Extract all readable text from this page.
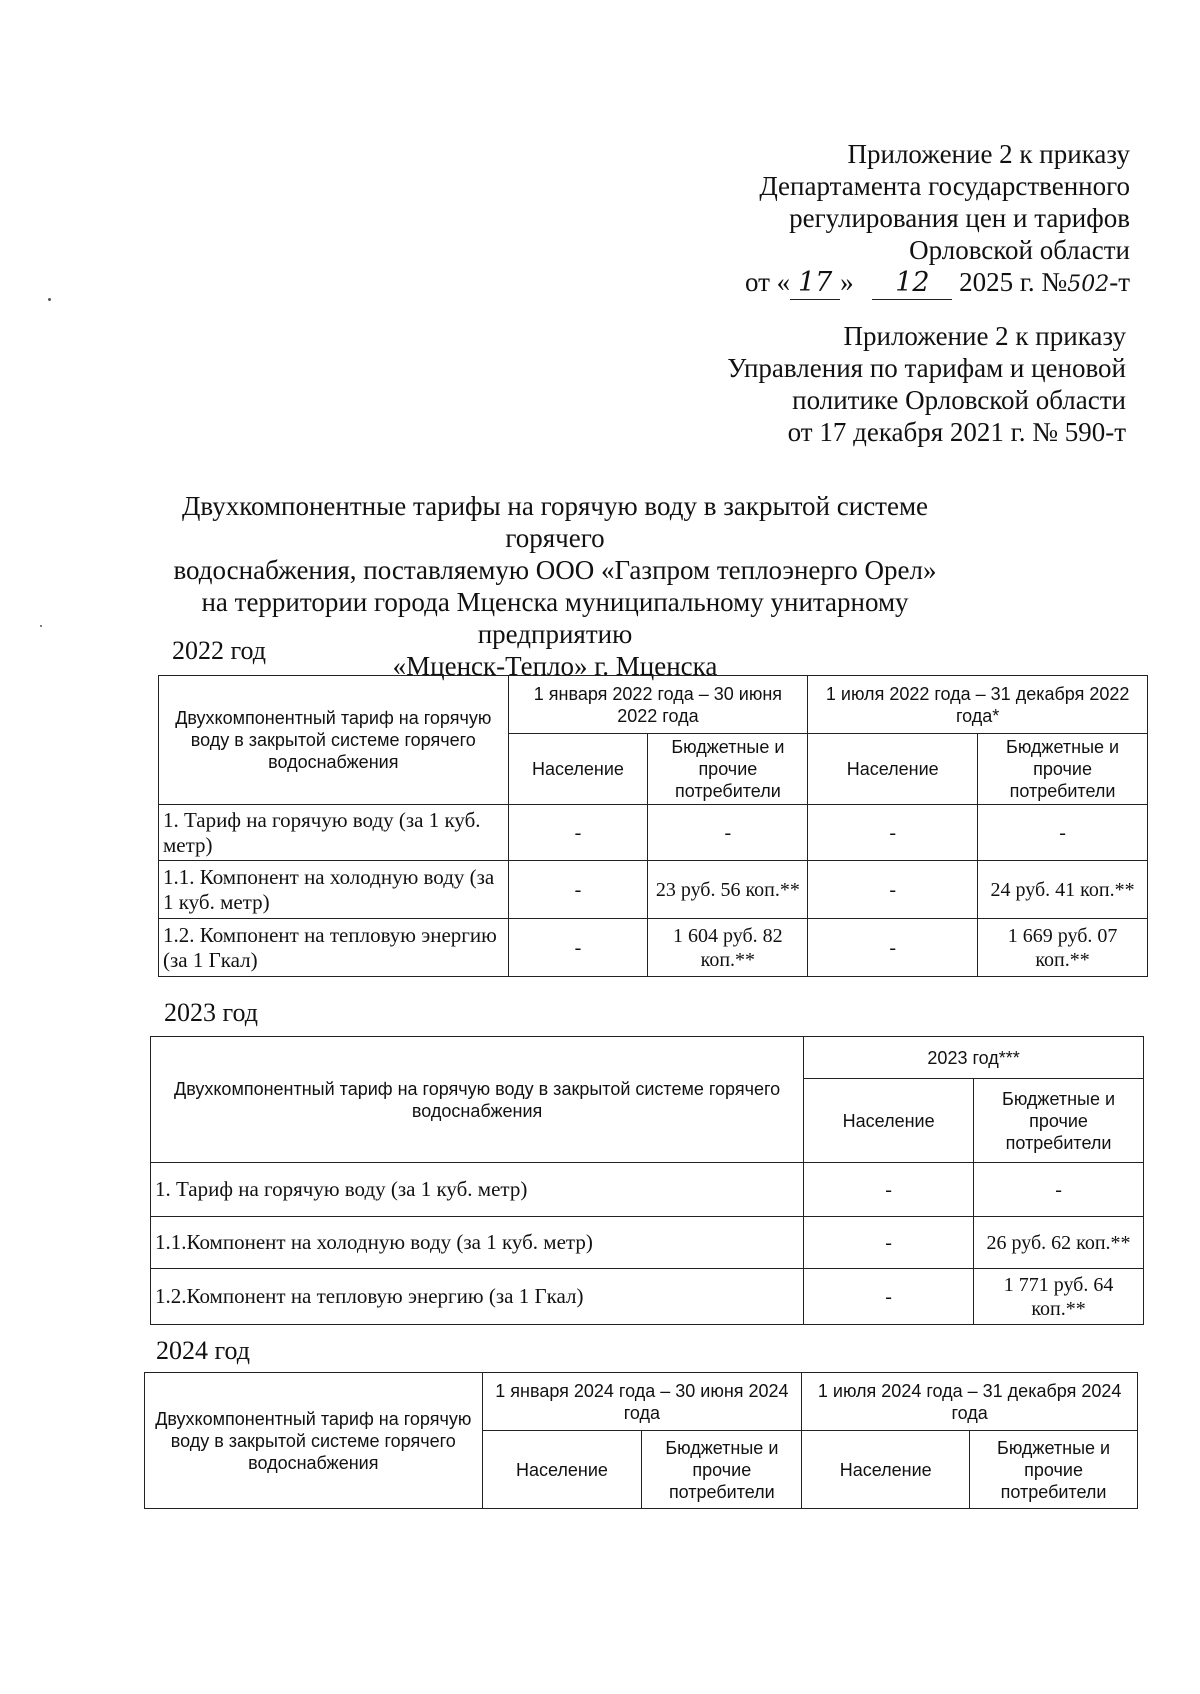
Приложение 2 к приказу
Департамента государственного
регулирования цен и тарифов
Орловской области
от « 17 » 12 2025 г. №502-т
Приложение 2 к приказу
Управления по тарифам и ценовой
политике Орловской области
от 17 декабря 2021 г. № 590-т
Двухкомпонентные тарифы на горячую воду в закрытой системе горячего
водоснабжения, поставляемую ООО «Газпром теплоэнерго Орел»
на территории города Мценска муниципальному унитарному предприятию
«Мценск-Тепло» г. Мценска
2022 год
Двухкомпонентный тариф на горячую воду в закрытой системе горячего водоснабжения	1 января 2022 года – 30 июня 2022 года		1 июля 2022 года – 31 декабря 2022 года*	
	Население	Бюджетные и прочие потребители	Население	Бюджетные и прочие потребители
1. Тариф на горячую воду (за 1 куб. метр)	-	-	-	-
1.1. Компонент на холодную воду (за 1 куб. метр)	-	23 руб. 56 коп.**	-	24 руб. 41 коп.**
1.2. Компонент на тепловую энергию (за 1 Гкал)	-	1 604 руб. 82 коп.**	-	1 669 руб. 07 коп.**
2023 год
Двухкомпонентный тариф на горячую воду в закрытой системе горячего водоснабжения	2023 год***	
	Население	Бюджетные и прочие потребители
1. Тариф на горячую воду (за 1 куб. метр)	-	-
1.1.Компонент на холодную воду (за 1 куб. метр)	-	26 руб. 62 коп.**
1.2.Компонент на тепловую энергию (за 1 Гкал)	-	1 771 руб. 64 коп.**
2024 год
Двухкомпонентный тариф на горячую воду в закрытой системе горячего водоснабжения	1 января 2024 года – 30 июня 2024 года		1 июля 2024 года – 31 декабря 2024 года	
	Население	Бюджетные и прочие потребители	Население	Бюджетные и прочие потребители
